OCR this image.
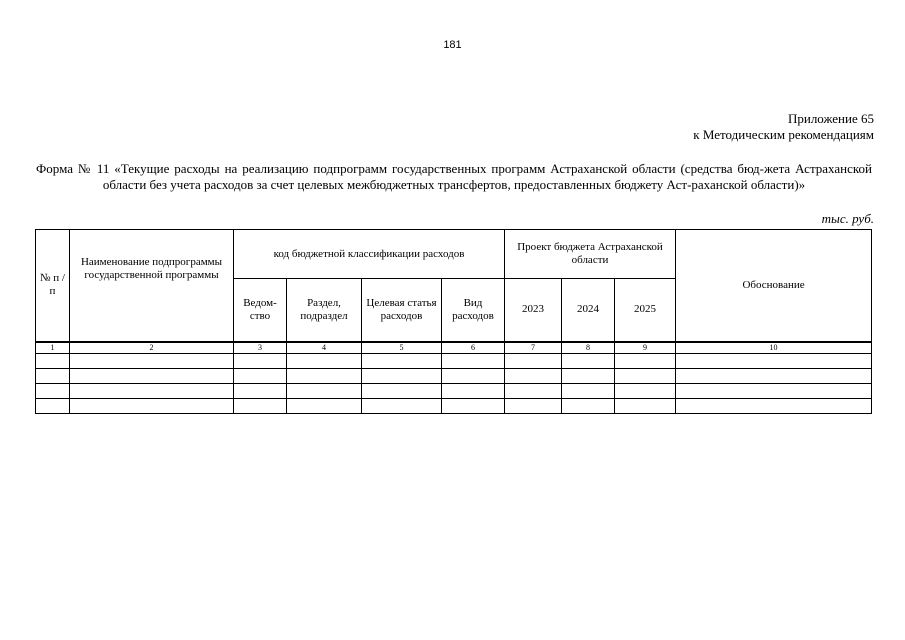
181
Приложение 65
к Методическим рекомендациям
Форма № 11 «Текущие расходы на реализацию подпрограмм государственных программ Астраханской области (средства бюд-жета Астраханской области без учета расходов за счет целевых межбюджетных трансфертов, предоставленных бюджету Аст-раханской области)»
тыс. руб.
№ п /п	Наименование подпрограммы государственной программы	код бюджетной классификации расходов				Проект бюджета Астраханской области			Обоснование
		Ведом-ство	Раздел, подраздел	Целевая статья расходов	Вид расходов	2023	2024	2025	
1	2	3	4	5	6	7	8	9	10
